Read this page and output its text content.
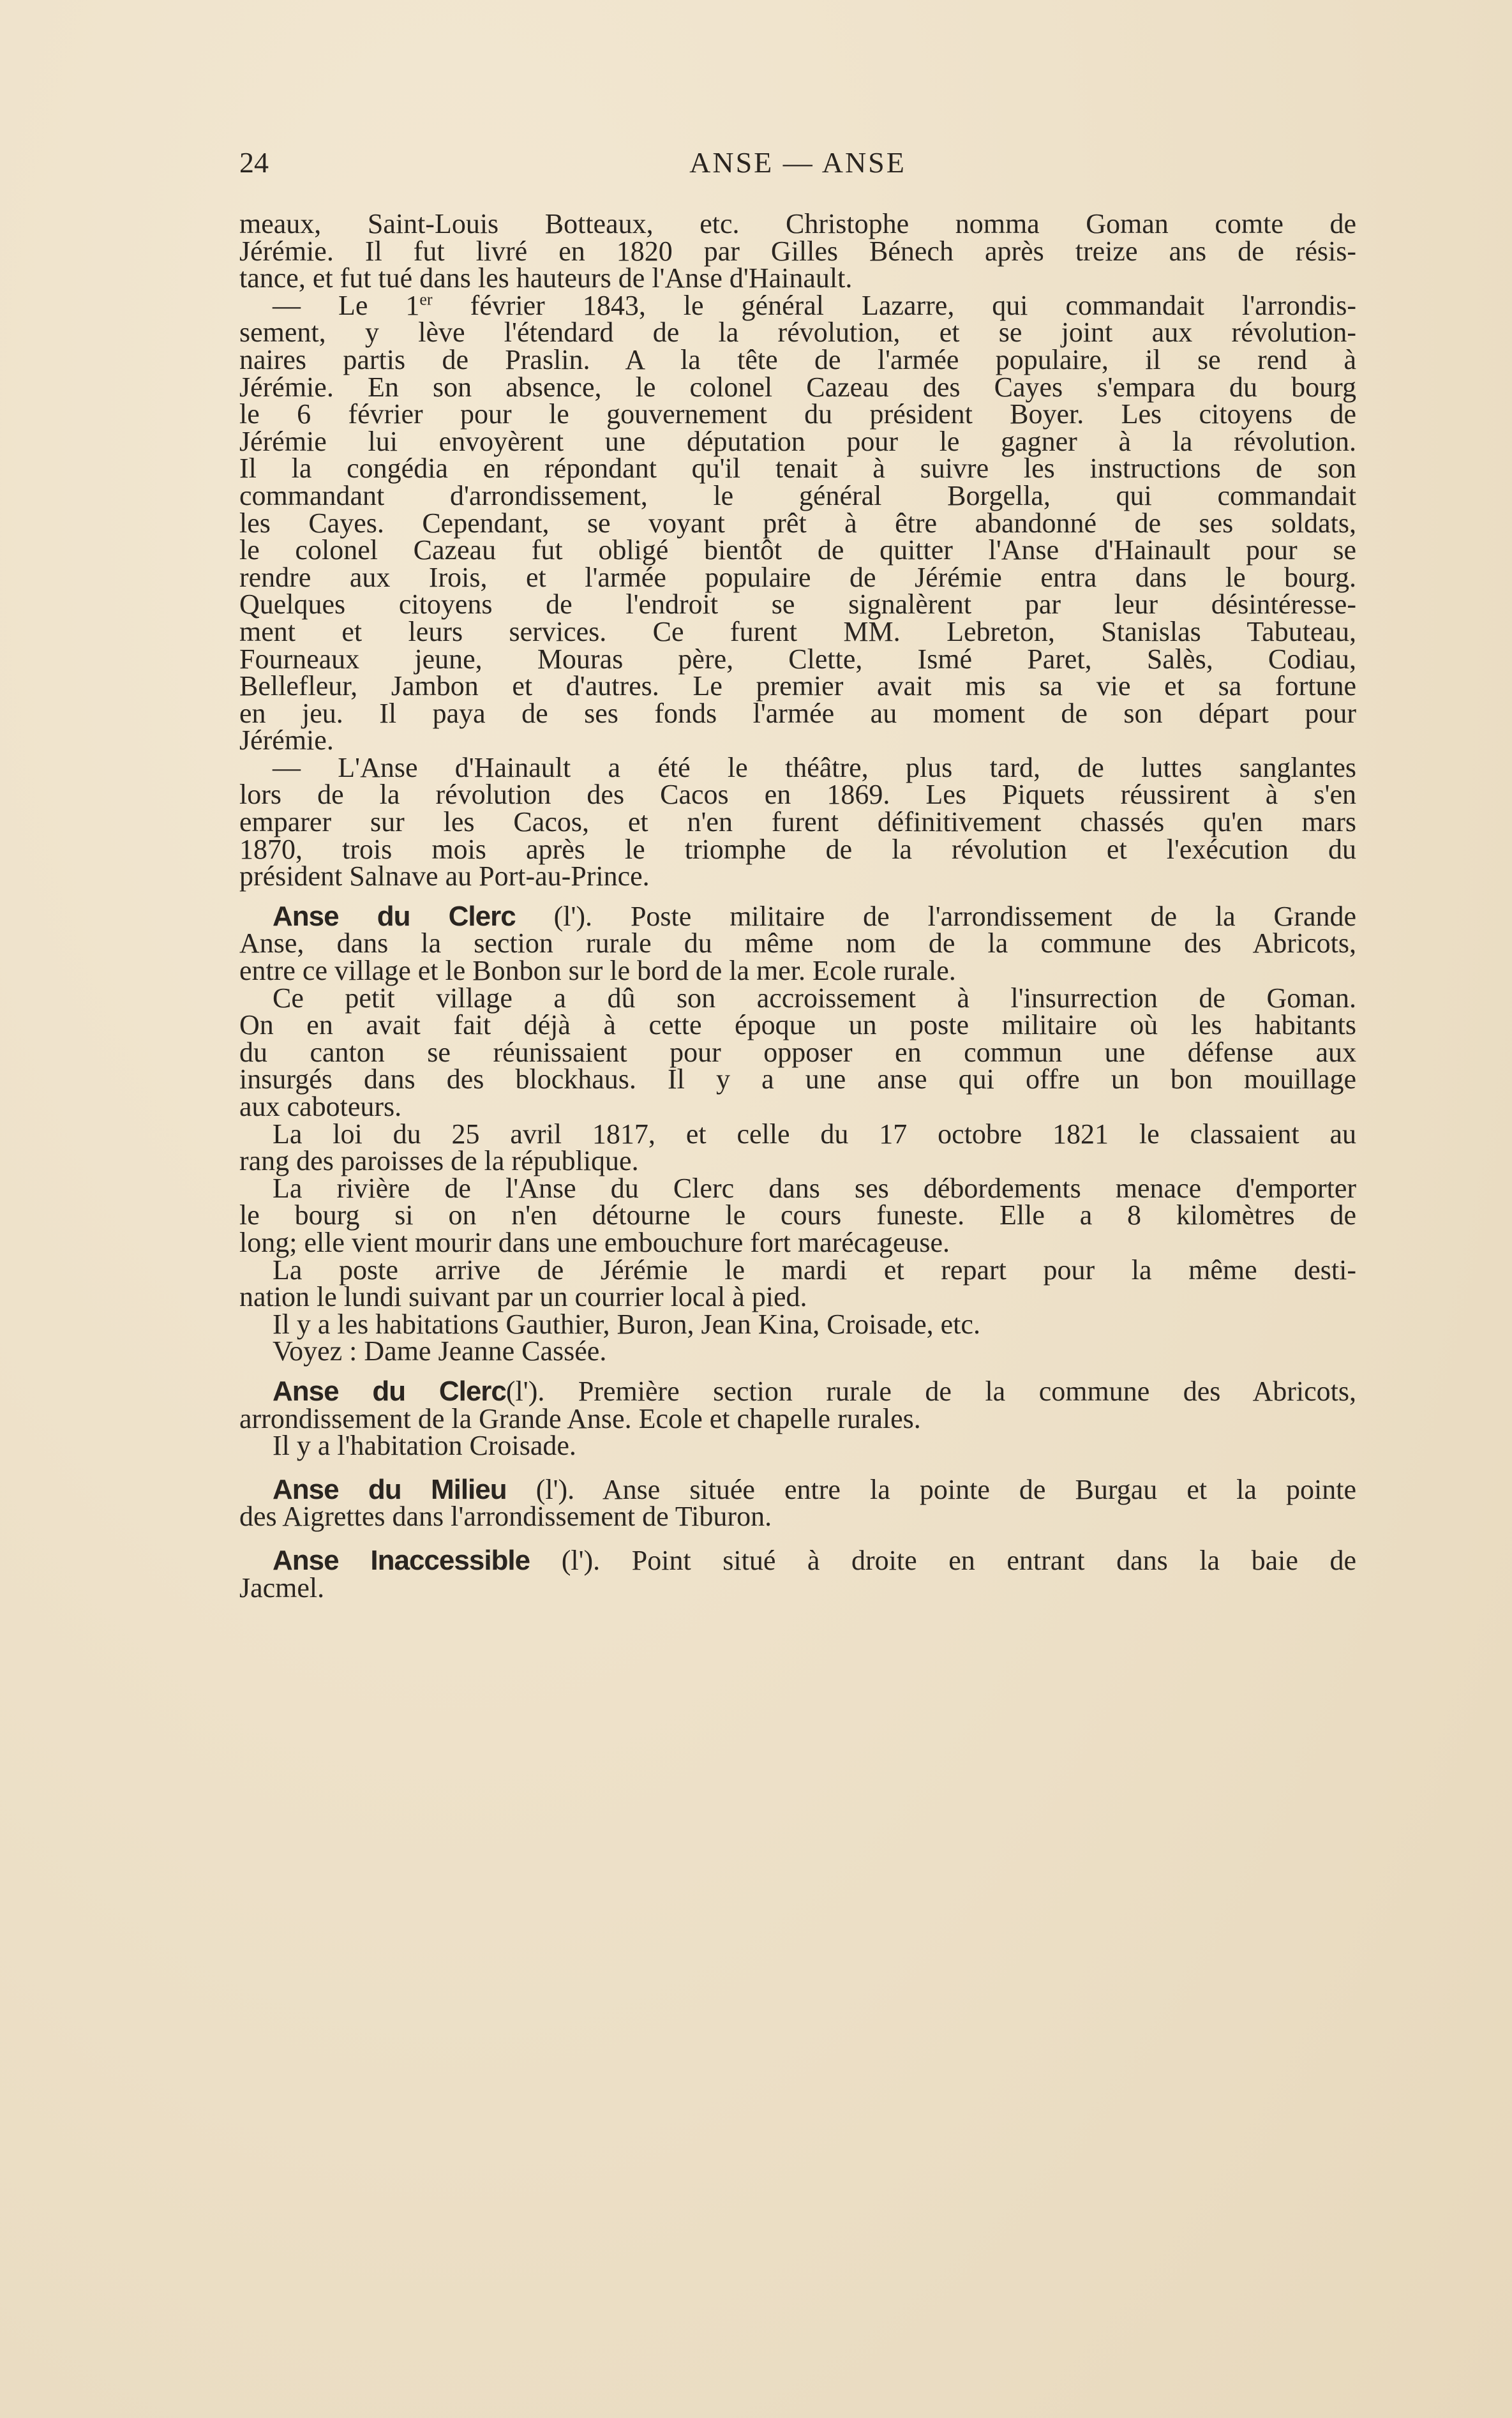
24	ANSE — ANSE
meaux, Saint-Louis Botteaux, etc. Christophe nomma Goman comte de
Jérémie. Il fut livré en 1820 par Gilles Bénech après treize ans de résis-
tance, et fut tué dans les hauteurs de l'Anse d'Hainault.
— Le 1er février 1843, le général Lazarre, qui commandait l'arrondis-
sement, y lève l'étendard de la révolution, et se joint aux révolution-
naires partis de Praslin. A la tête de l'armée populaire, il se rend à
Jérémie. En son absence, le colonel Cazeau des Cayes s'empara du bourg
le 6 février pour le gouvernement du président Boyer. Les citoyens de
Jérémie lui envoyèrent une députation pour le gagner à la révolution.
Il la congédia en répondant qu'il tenait à suivre les instructions de son
commandant d'arrondissement, le général Borgella, qui commandait
les Cayes. Cependant, se voyant prêt à être abandonné de ses soldats,
le colonel Cazeau fut obligé bientôt de quitter l'Anse d'Hainault pour se
rendre aux Irois, et l'armée populaire de Jérémie entra dans le bourg.
Quelques citoyens de l'endroit se signalèrent par leur désintéresse-
ment et leurs services. Ce furent MM. Lebreton, Stanislas Tabuteau,
Fourneaux jeune, Mouras père, Clette, Ismé Paret, Salès, Codiau,
Bellefleur, Jambon et d'autres. Le premier avait mis sa vie et sa fortune
en jeu. Il paya de ses fonds l'armée au moment de son départ pour
Jérémie.
— L'Anse d'Hainault a été le théâtre, plus tard, de luttes sanglantes
lors de la révolution des Cacos en 1869. Les Piquets réussirent à s'en
emparer sur les Cacos, et n'en furent définitivement chassés qu'en mars
1870, trois mois après le triomphe de la révolution et l'exécution du
président Salnave au Port-au-Prince.
Anse du Clerc (l'). Poste militaire de l'arrondissement de la Grande
Anse, dans la section rurale du même nom de la commune des Abricots,
entre ce village et le Bonbon sur le bord de la mer. Ecole rurale.
Ce petit village a dû son accroissement à l'insurrection de Goman.
On en avait fait déjà à cette époque un poste militaire où les habitants
du canton se réunissaient pour opposer en commun une défense aux
insurgés dans des blockhaus. Il y a une anse qui offre un bon mouillage
aux caboteurs.
La loi du 25 avril 1817, et celle du 17 octobre 1821 le classaient au
rang des paroisses de la république.
La rivière de l'Anse du Clerc dans ses débordements menace d'emporter
le bourg si on n'en détourne le cours funeste. Elle a 8 kilomètres de
long; elle vient mourir dans une embouchure fort marécageuse.
La poste arrive de Jérémie le mardi et repart pour la même desti-
nation le lundi suivant par un courrier local à pied.
Il y a les habitations Gauthier, Buron, Jean Kina, Croisade, etc.
Voyez : Dame Jeanne Cassée.
Anse du Clerc(l'). Première section rurale de la commune des Abricots,
arrondissement de la Grande Anse. Ecole et chapelle rurales.
Il y a l'habitation Croisade.
Anse du Milieu (l'). Anse située entre la pointe de Burgau et la pointe
des Aigrettes dans l'arrondissement de Tiburon.
Anse Inaccessible (l'). Point situé à droite en entrant dans la baie de
Jacmel.
